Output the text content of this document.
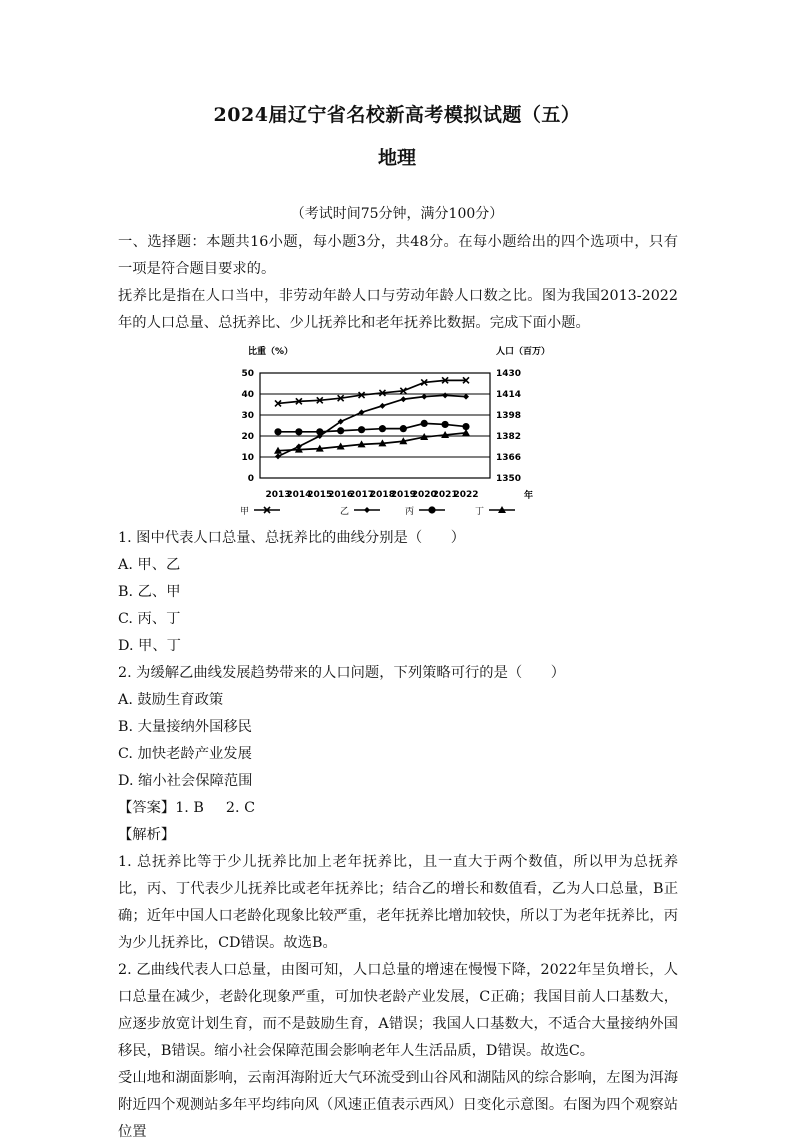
2024届辽宁省名校新高考模拟试题（五）
地理
（考试时间75分钟，满分100分）

一、选择题：本题共16小题，每小题3分，共48分。在每小题给出的四个选项中，只有一项是符合题目要求的。

抚养比是指在人口当中，非劳动年龄人口与劳动年龄人口数之比。图为我国2013-2022年的人口总量、总抚养比、少儿抚养比和老年抚养比数据。完成下面小题。

比重（%）	人口（百万）
0
10
20
30
40
50
1350
1366
1382
1398
1414
1430
2013
2014
2015
2016
2017
2018
2019
2020
2021
2022	年
甲	乙	丙	丁

1. 图中代表人口总量、总抚养比的曲线分别是（　　）

A. 甲、乙
B. 乙、甲
C. 丙、丁
D. 甲、丁

2. 为缓解乙曲线发展趋势带来的人口问题，下列策略可行的是（　　）

A. 鼓励生育政策
B. 大量接纳外国移民
C. 加快老龄产业发展
D. 缩小社会保障范围

【答案】1. B 2. C

【解析】

1. 总抚养比等于少儿抚养比加上老年抚养比，且一直大于两个数值，所以甲为总抚养比，丙、丁代表少儿抚养比或老年抚养比；结合乙的增长和数值看，乙为人口总量，B正确；近年中国人口老龄化现象比较严重，老年抚养比增加较快，所以丁为老年抚养比，丙为少儿抚养比，CD错误。故选B。

2. 乙曲线代表人口总量，由图可知，人口总量的增速在慢慢下降，2022年呈负增长，人口总量在减少，老龄化现象严重，可加快老龄产业发展，C正确；我国目前人口基数大，应逐步放宽计划生育，而不是鼓励生育，A错误；我国人口基数大，不适合大量接纳外国移民，B错误。缩小社会保障范围会影响老年人生活品质，D错误。故选C。

受山地和湖面影响，云南洱海附近大气环流受到山谷风和湖陆风的综合影响，左图为洱海附近四个观测站多年平均纬向风（风速正值表示西风）日变化示意图。右图为四个观察站位置
